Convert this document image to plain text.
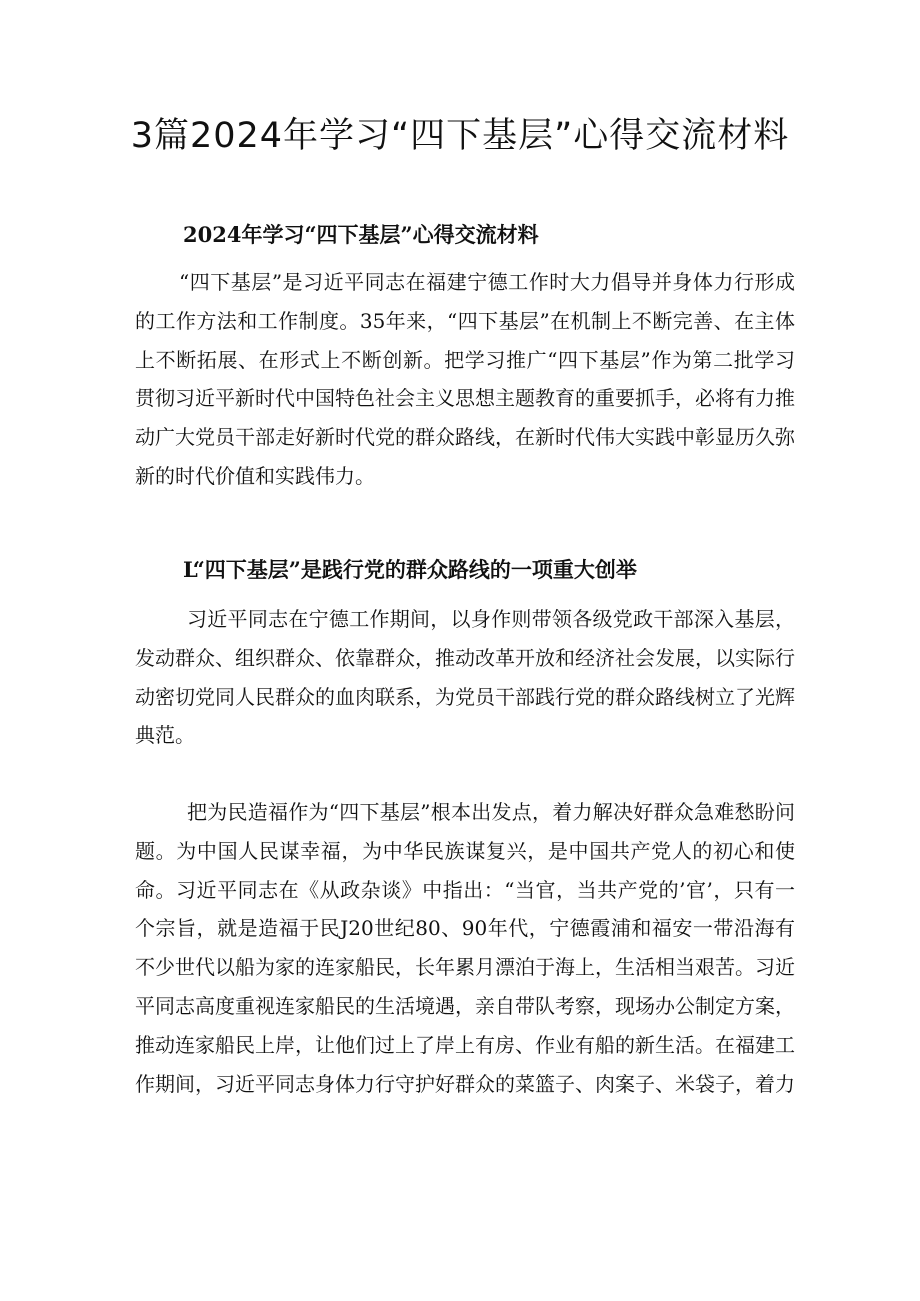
3篇2024年学习“四下基层”心得交流材料
2024年学习“四下基层”心得交流材料

“四下基层”是习近平同志在福建宁德工作时大力倡导并身体力行形成的工作方法和工作制度。35年来，“四下基层”在机制上不断完善、在主体上不断拓展、在形式上不断创新。把学习推广“四下基层”作为第二批学习贯彻习近平新时代中国特色社会主义思想主题教育的重要抓手，必将有力推动广大党员干部走好新时代党的群众路线，在新时代伟大实践中彰显历久弥新的时代价值和实践伟力。

L“四下基层”是践行党的群众路线的一项重大创举

习近平同志在宁德工作期间，以身作则带领各级党政干部深入基层，发动群众、组织群众、依靠群众，推动改革开放和经济社会发展，以实际行动密切党同人民群众的血肉联系，为党员干部践行党的群众路线树立了光辉典范。

把为民造福作为“四下基层”根本出发点，着力解决好群众急难愁盼问题。为中国人民谋幸福，为中华民族谋复兴，是中国共产党人的初心和使命。习近平同志在《从政杂谈》中指出：“当官，当共产党的’官’，只有一个宗旨，就是造福于民J20世纪80、90年代，宁德霞浦和福安一带沿海有不少世代以船为家的连家船民，长年累月漂泊于海上，生活相当艰苦。习近平同志高度重视连家船民的生活境遇，亲自带队考察，现场办公制定方案，推动连家船民上岸，让他们过上了岸上有房、作业有船的新生活。在福建工作期间，习近平同志身体力行守护好群众的菜篮子、肉案子、米袋子，着力
